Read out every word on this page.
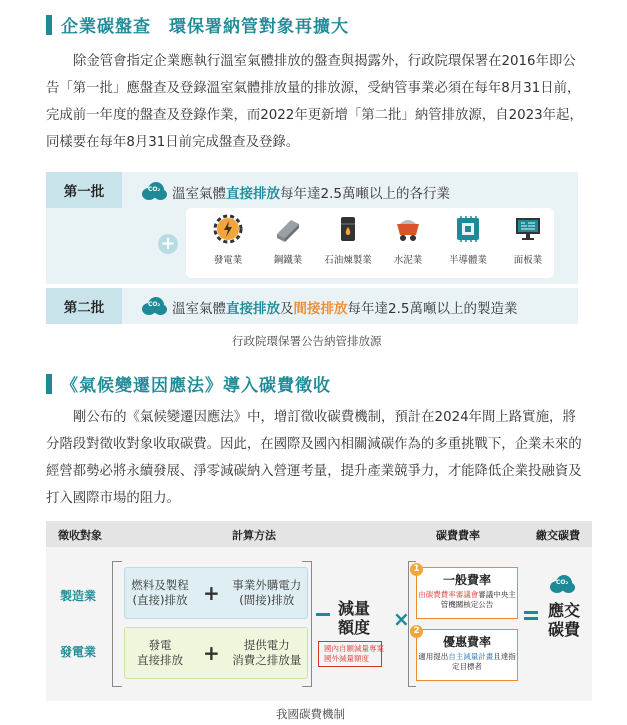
企業碳盤查　環保署納管對象再擴大
除金管會指定企業應執行溫室氣體排放的盤查與揭露外，行政院環保署在2016年即公告「第一批」應盤查及登錄溫室氣體排放量的排放源，受納管事業必須在每年8月31日前，完成前一年度的盤查及登錄作業，而2022年更新增「第二批」納管排放源，自2023年起，同樣要在每年8月31日前完成盤查及登錄。
第一批	CO₂ 溫室氣體直接排放每年達2.5萬噸以上的各行業
+
發電業	鋼鐵業	石油煉製業	水泥業	半導體業	面板業
第二批	CO₂ 溫室氣體直接排放及間接排放每年達2.5萬噸以上的製造業
行政院環保署公告納管排放源
《氣候變遷因應法》導入碳費徵收
剛公布的《氣候變遷因應法》中，增訂徵收碳費機制，預計在2024年間上路實施，將分階段對徵收對象收取碳費。因此，在國際及國內相關減碳作為的多重挑戰下，企業未來的經營都勢必將永續發展、淨零減碳納入營運考量，提升產業競爭力，才能降低企業投融資及打入國際市場的阻力。
徵收對象	計算方法	碳費費率	繳交碳費
製造業
發電業
燃料及製程
(直接)排放 +	事業外購電力
(間接)排放
發電
直接排放	+	提供電力
消費之排放量
減量
額度
國內自願減量專案
國外減量額度
×
一般費率
由碳費費率審議會審議中央主管機關核定公告
1
優惠費率
適用提出自主減量計畫且達指定目標者
2
CO₂
應交
碳費
我國碳費機制
